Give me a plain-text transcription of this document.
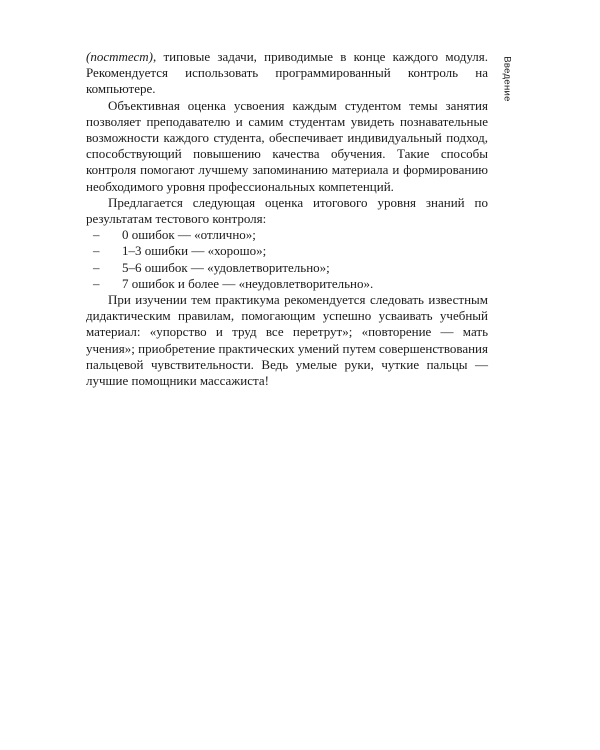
Введение

(посттест), типовые задачи, приводимые в конце каждого модуля. Рекомендуется использовать программированный контроль на компьютере.

Объективная оценка усвоения каждым студентом темы занятия позволяет преподавателю и самим студентам увидеть познавательные возможности каждого студента, обеспечивает индивидуальный подход, способствующий повышению качества обучения. Такие способы контроля помогают лучшему запоминанию материала и формированию необходимого уровня профессиональных компетенций.

Предлагается следующая оценка итогового уровня знаний по результатам тестового контроля:

– 0 ошибок — «отлично»;
– 1–3 ошибки — «хорошо»;
– 5–6 ошибок — «удовлетворительно»;
– 7 ошибок и более — «неудовлетворительно».

При изучении тем практикума рекомендуется следовать известным дидактическим правилам, помогающим успешно усваивать учебный материал: «упорство и труд все перетрут»; «повторение — мать учения»; приобретение практических умений путем совершенствования пальцевой чувствительности. Ведь умелые руки, чуткие пальцы — лучшие помощники массажиста!
